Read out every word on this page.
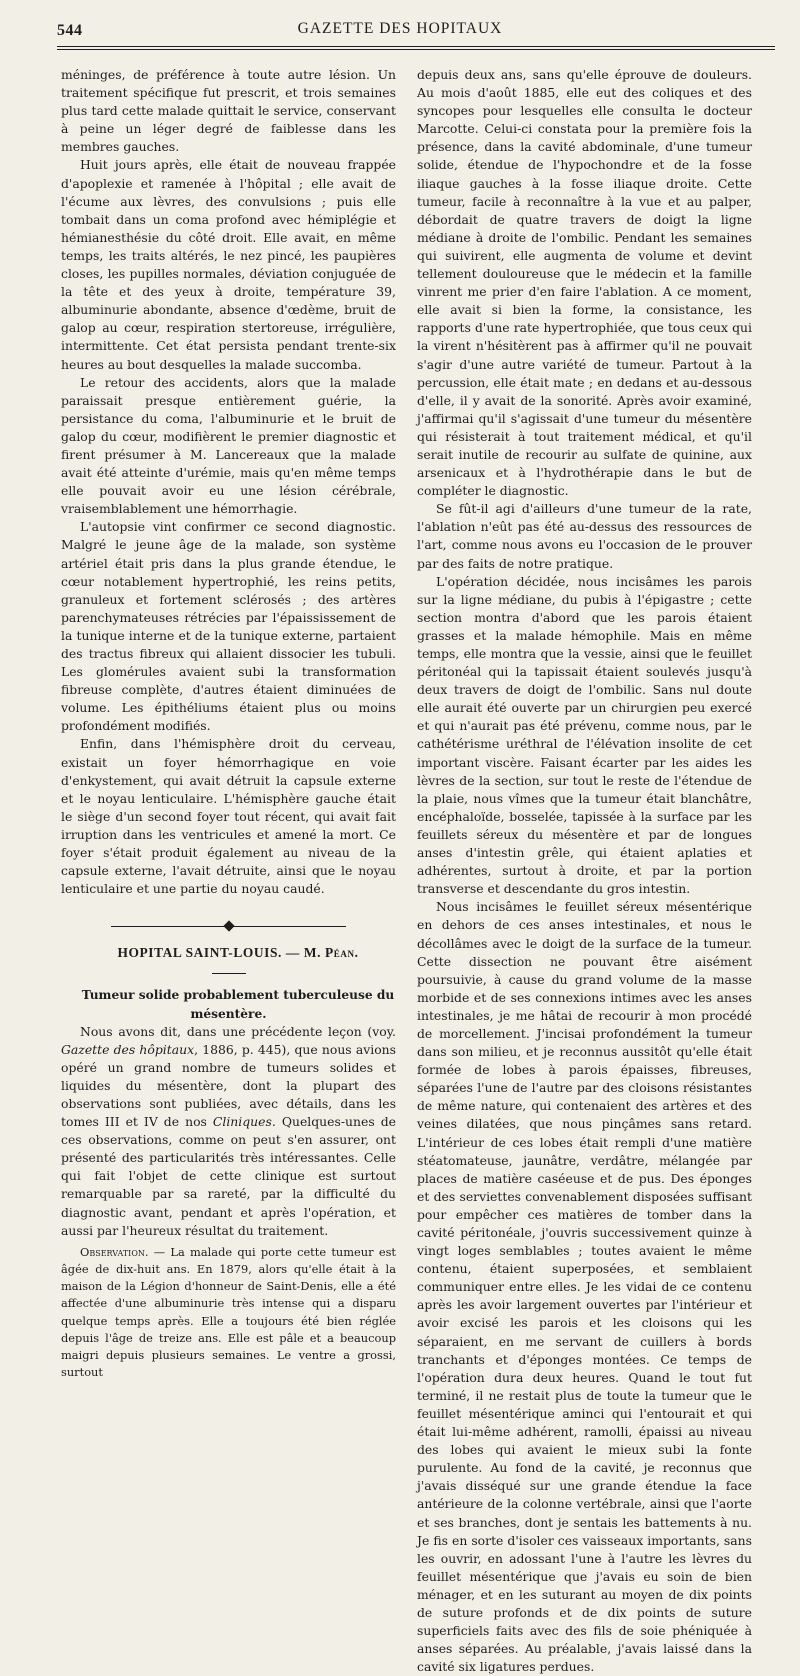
544	GAZETTE DES HOPITAUX

méninges, de préférence à toute autre lésion. Un traitement spécifique fut prescrit, et trois semaines plus tard cette malade quittait le service, conservant à peine un léger degré de faiblesse dans les membres gauches.

Huit jours après, elle était de nouveau frappée d'apoplexie et ramenée à l'hôpital ; elle avait de l'écume aux lèvres, des convulsions ; puis elle tombait dans un coma profond avec hémiplégie et hémianesthésie du côté droit. Elle avait, en même temps, les traits altérés, le nez pincé, les paupières closes, les pupilles normales, déviation conjuguée de la tête et des yeux à droite, température 39, albuminurie abondante, absence d'œdème, bruit de galop au cœur, respiration stertoreuse, irrégulière, intermittente. Cet état persista pendant trente-six heures au bout desquelles la malade succomba.

Le retour des accidents, alors que la malade paraissait presque entièrement guérie, la persistance du coma, l'albuminurie et le bruit de galop du cœur, modifièrent le premier diagnostic et firent présumer à M. Lancereaux que la malade avait été atteinte d'urémie, mais qu'en même temps elle pouvait avoir eu une lésion cérébrale, vraisemblablement une hémorrhagie.

L'autopsie vint confirmer ce second diagnostic. Malgré le jeune âge de la malade, son système artériel était pris dans la plus grande étendue, le cœur notablement hypertrophié, les reins petits, granuleux et fortement sclérosés ; des artères parenchymateuses rétrécies par l'épaississement de la tunique interne et de la tunique externe, partaient des tractus fibreux qui allaient dissocier les tubuli. Les glomérules avaient subi la transformation fibreuse complète, d'autres étaient diminuées de volume. Les épithéliums étaient plus ou moins profondément modifiés.

Enfin, dans l'hémisphère droit du cerveau, existait un foyer hémorrhagique en voie d'enkystement, qui avait détruit la capsule externe et le noyau lenticulaire. L'hémisphère gauche était le siège d'un second foyer tout récent, qui avait fait irruption dans les ventricules et amené la mort. Ce foyer s'était produit également au niveau de la capsule externe, l'avait détruite, ainsi que le noyau lenticulaire et une partie du noyau caudé.

HOPITAL SAINT-LOUIS. — M. Péan.

Tumeur solide probablement tuberculeuse du mésentère.

Nous avons dit, dans une précédente leçon (voy. Gazette des hôpitaux, 1886, p. 445), que nous avions opéré un grand nombre de tumeurs solides et liquides du mésentère, dont la plupart des observations sont publiées, avec détails, dans les tomes III et IV de nos Cliniques. Quelques-unes de ces observations, comme on peut s'en assurer, ont présenté des particularités très intéressantes. Celle qui fait l'objet de cette clinique est surtout remarquable par sa rareté, par la difficulté du diagnostic avant, pendant et après l'opération, et aussi par l'heureux résultat du traitement.

Observation. — La malade qui porte cette tumeur est âgée de dix-huit ans. En 1879, alors qu'elle était à la maison de la Légion d'honneur de Saint-Denis, elle a été affectée d'une albuminurie très intense qui a disparu quelque temps après. Elle a toujours été bien réglée depuis l'âge de treize ans. Elle est pâle et a beaucoup maigri depuis plusieurs semaines. Le ventre a grossi, surtout

depuis deux ans, sans qu'elle éprouve de douleurs. Au mois d'août 1885, elle eut des coliques et des syncopes pour lesquelles elle consulta le docteur Marcotte. Celui-ci constata pour la première fois la présence, dans la cavité abdominale, d'une tumeur solide, étendue de l'hypochondre et de la fosse iliaque gauches à la fosse iliaque droite. Cette tumeur, facile à reconnaître à la vue et au palper, débordait de quatre travers de doigt la ligne médiane à droite de l'ombilic. Pendant les semaines qui suivirent, elle augmenta de volume et devint tellement douloureuse que le médecin et la famille vinrent me prier d'en faire l'ablation. A ce moment, elle avait si bien la forme, la consistance, les rapports d'une rate hypertrophiée, que tous ceux qui la virent n'hésitèrent pas à affirmer qu'il ne pouvait s'agir d'une autre variété de tumeur. Partout à la percussion, elle était mate ; en dedans et au-dessous d'elle, il y avait de la sonorité. Après avoir examiné, j'affirmai qu'il s'agissait d'une tumeur du mésentère qui résisterait à tout traitement médical, et qu'il serait inutile de recourir au sulfate de quinine, aux arsenicaux et à l'hydrothérapie dans le but de compléter le diagnostic.

Se fût-il agi d'ailleurs d'une tumeur de la rate, l'ablation n'eût pas été au-dessus des ressources de l'art, comme nous avons eu l'occasion de le prouver par des faits de notre pratique.

L'opération décidée, nous incisâmes les parois sur la ligne médiane, du pubis à l'épigastre ; cette section montra d'abord que les parois étaient grasses et la malade hémophile. Mais en même temps, elle montra que la vessie, ainsi que le feuillet péritonéal qui la tapissait étaient soulevés jusqu'à deux travers de doigt de l'ombilic. Sans nul doute elle aurait été ouverte par un chirurgien peu exercé et qui n'aurait pas été prévenu, comme nous, par le cathétérisme uréthral de l'élévation insolite de cet important viscère. Faisant écarter par les aides les lèvres de la section, sur tout le reste de l'étendue de la plaie, nous vîmes que la tumeur était blanchâtre, encéphaloïde, bosselée, tapissée à la surface par les feuillets séreux du mésentère et par de longues anses d'intestin grêle, qui étaient aplaties et adhérentes, surtout à droite, et par la portion transverse et descendante du gros intestin.

Nous incisâmes le feuillet séreux mésentérique en dehors de ces anses intestinales, et nous le décollâmes avec le doigt de la surface de la tumeur. Cette dissection ne pouvant être aisément poursuivie, à cause du grand volume de la masse morbide et de ses connexions intimes avec les anses intestinales, je me hâtai de recourir à mon procédé de morcellement. J'incisai profondément la tumeur dans son milieu, et je reconnus aussitôt qu'elle était formée de lobes à parois épaisses, fibreuses, séparées l'une de l'autre par des cloisons résistantes de même nature, qui contenaient des artères et des veines dilatées, que nous pinçâmes sans retard. L'intérieur de ces lobes était rempli d'une matière stéatomateuse, jaunâtre, verdâtre, mélangée par places de matière caséeuse et de pus. Des éponges et des serviettes convenablement disposées suffisant pour empêcher ces matières de tomber dans la cavité péritonéale, j'ouvris successivement quinze à vingt loges semblables ; toutes avaient le même contenu, étaient superposées, et semblaient communiquer entre elles. Je les vidai de ce contenu après les avoir largement ouvertes par l'intérieur et avoir excisé les parois et les cloisons qui les séparaient, en me servant de cuillers à bords tranchants et d'éponges montées. Ce temps de l'opération dura deux heures. Quand le tout fut terminé, il ne restait plus de toute la tumeur que le feuillet mésentérique aminci qui l'entourait et qui était lui-même adhérent, ramolli, épaissi au niveau des lobes qui avaient le mieux subi la fonte purulente. Au fond de la cavité, je reconnus que j'avais disséqué sur une grande étendue la face antérieure de la colonne vertébrale, ainsi que l'aorte et ses branches, dont je sentais les battements à nu. Je fis en sorte d'isoler ces vaisseaux importants, sans les ouvrir, en adossant l'une à l'autre les lèvres du feuillet mésentérique que j'avais eu soin de bien ménager, et en les suturant au moyen de dix points de suture profonds et de dix points de suture superficiels faits avec des fils de soie phéniquée à anses séparées. Au préalable, j'avais laissé dans la cavité six ligatures perdues.
